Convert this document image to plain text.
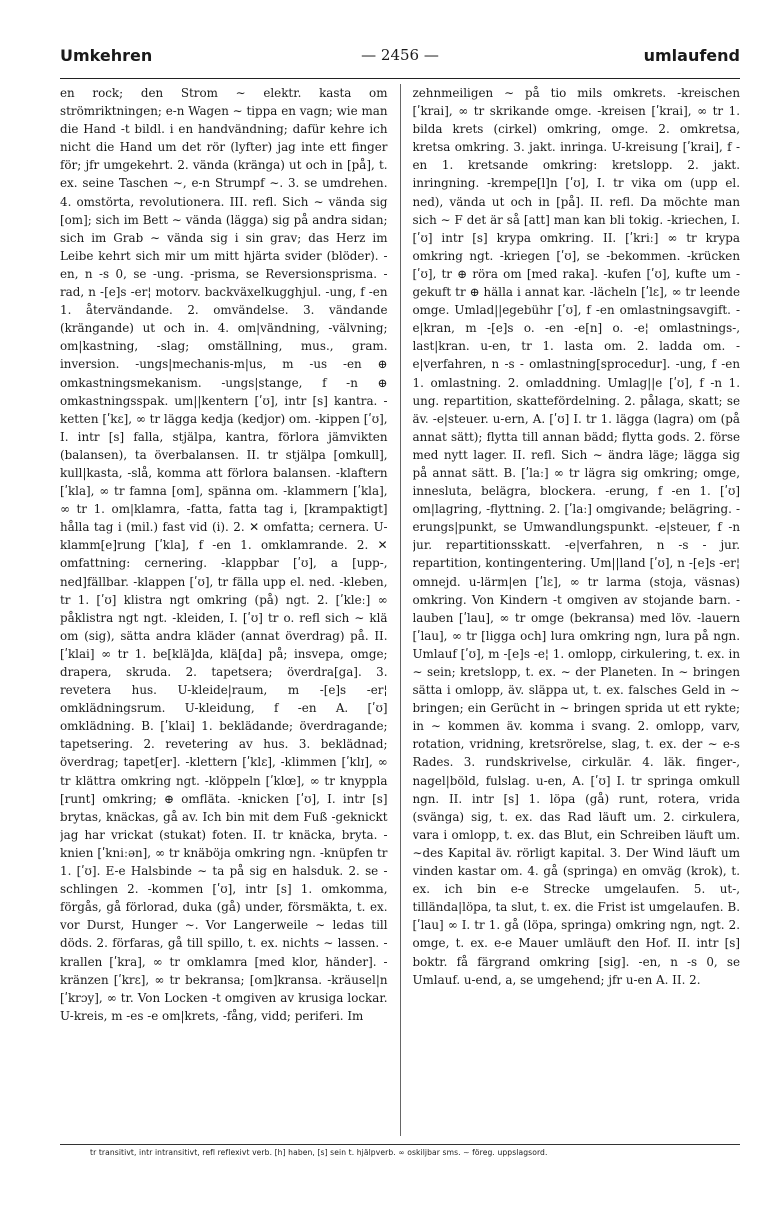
Umkehren	— 2456 —	umlaufend

en rock; den Strom ∼ elektr. kasta om strömriktningen; e-n Wagen ∼ tippa en vagn; wie man die Hand -t bildl. i en handvändning; dafür kehre ich nicht die Hand um det rör (lyfter) jag inte ett finger för; jfr umgekehrt. 2. vända (kränga) ut och in [på], t. ex. seine Taschen ∼, e-n Strumpf ∼. 3. se umdrehen. 4. omstörta, revolutionera. III. refl. Sich ∼ vända sig [om]; sich im Bett ∼ vända (lägga) sig på andra sidan; sich im Grab ∼ vända sig i sin grav; das Herz im Leibe kehrt sich mir um mitt hjärta svider (blöder). -en, n -s 0, se -ung. -prisma, se Reversionsprisma. -rad, n -[e]s -er¦ motorv. backväxelkugghjul. -ung, f -en 1. återvändande. 2. omvändelse. 3. vändande (krängande) ut och in. 4. om|vändning, -välvning; om|kastning, -slag; omställning, mus., gram. inversion. -ungs|mechanis-m|us, m -us -en ⊕ omkastningsmekanism. -ungs|stange, f -n ⊕ omkastningsspak. um||kentern [ʹʊ], intr [s] kantra. -ketten [ʹkɛ], ∞ tr lägga kedja (kedjor) om. -kippen [ʹʊ], I. intr [s] falla, stjälpa, kantra, förlora jämvikten (balansen), ta överbalansen. II. tr stjälpa [omkull], kull|kasta, -slå, komma att förlora balansen. -klaftern [ʹkla], ∞ tr famna [om], spänna om. -klammern [ʹkla], ∞ tr 1. om|klamra, -fatta, fatta tag i, [krampaktigt] hålla tag i (mil.) fast vid (i). 2. ✕ omfatta; cernera. U-klamm[e]rung [ʹkla], f -en 1. omklamrande. 2. ✕ omfattning: cernering. -klappbar [ʹʊ], a [upp-, ned]fällbar. -klappen [ʹʊ], tr fälla upp el. ned. -kleben, tr 1. [ʹʊ] klistra ngt omkring (på) ngt. 2. [ʹkleː] ∞ påklistra ngt ngt. -kleiden, I. [ʹʊ] tr o. refl sich ∼ klä om (sig), sätta andra kläder (annat överdrag) på. II. [ʹklai] ∞ tr 1. be[klä]da, klä[da] på; insvepa, omge; drapera, skruda. 2. tapetsera; överdra[ga]. 3. revetera hus. U-kleide|raum, m -[e]s -er¦ omklädningsrum. U-kleidung, f -en A. [ʹʊ] omklädning. B. [ʹklai] 1. beklädande; överdragande; tapetsering. 2. revetering av hus. 3. beklädnad; överdrag; tapet[er]. -klettern [ʹklɛ], -klimmen [ʹklɪ], ∞ tr klättra omkring ngt. -klöppeln [ʹklœ], ∞ tr knyppla [runt] omkring; ⊕ omfläta. -knicken [ʹʊ], I. intr [s] brytas, knäckas, gå av. Ich bin mit dem Fuß -geknickt jag har vrickat (stukat) foten. II. tr knäcka, bryta. -knien [ʹkniːən], ∞ tr knäböja omkring ngn. -knüpfen tr 1. [ʹʊ]. E-e Halsbinde ∼ ta på sig en halsduk. 2. se -schlingen 2. -kommen [ʹʊ], intr [s] 1. omkomma, förgås, gå förlorad, duka (gå) under, försmäkta, t. ex. vor Durst, Hunger ∼. Vor Langerweile ∼ ledas till döds. 2. förfaras, gå till spillo, t. ex. nichts ∼ lassen. -krallen [ʹkra], ∞ tr omklamra [med klor, händer]. -kränzen [ʹkrɛ], ∞ tr bekransa; [om]kransa. -kräusel|n [ʹkrɔy], ∞ tr. Von Locken -t omgiven av krusiga lockar. U-kreis, m -es -e om|krets, -fång, vidd; periferi. Im

zehnmeiligen ∼ på tio mils omkrets. -kreischen [ʹkrai], ∞ tr skrikande omge. -kreisen [ʹkrai], ∞ tr 1. bilda krets (cirkel) omkring, omge. 2. omkretsa, kretsa omkring. 3. jakt. inringa. U-kreisung [ʹkrai], f -en 1. kretsande omkring: kretslopp. 2. jakt. inringning. -krempe[l]n [ʹʊ], I. tr vika om (upp el. ned), vända ut och in [på]. II. refl. Da möchte man sich ∼ F det är så [att] man kan bli tokig. -kriechen, I. [ʹʊ] intr [s] krypa omkring. II. [ʹkriː] ∞ tr krypa omkring ngt. -kriegen [ʹʊ], se -bekommen. -krücken [ʹʊ], tr ⊕ röra om [med raka]. -kufen [ʹʊ], kufte um -gekuft tr ⊕ hälla i annat kar. -lächeln [ʹlɛ], ∞ tr leende omge. Umlad||egebühr [ʹʊ], f -en omlastningsavgift. -e|kran, m -[e]s o. -en -e[n] o. -e¦ omlastnings-, last|kran. u-en, tr 1. lasta om. 2. ladda om. -e|verfahren, n -s - omlastning[sprocedur]. -ung, f -en 1. omlastning. 2. omladdning. Umlag||e [ʹʊ], f -n 1. ung. repartition, skattefördelning. 2. pålaga, skatt; se äv. -e|steuer. u-ern, A. [ʹʊ] I. tr 1. lägga (lagra) om (på annat sätt); flytta till annan bädd; flytta gods. 2. förse med nytt lager. II. refl. Sich ∼ ändra läge; lägga sig på annat sätt. B. [ʹlaː] ∞ tr lägra sig omkring; omge, inneslutа, belägra, blockera. -erung, f -en 1. [ʹʊ] om|lagring, -flyttning. 2. [ʹlaː] omgivande; belägring. -erungs|punkt, se Umwandlungspunkt. -e|steuer, f -n jur. repartitionsskatt. -e|verfahren, n -s - jur. repartition, kontingentering. Um||land [ʹʊ], n -[e]s -er¦ omnejd. u-lärm|en [ʹlɛ], ∞ tr larma (stoja, väsnas) omkring. Von Kindern -t omgiven av stojande barn. -lauben [ʹlau], ∞ tr omge (bekransa) med löv. -lauern [ʹlau], ∞ tr [ligga och] lura omkring ngn, lura på ngn. Umlauf [ʹʊ], m -[e]s -e¦ 1. omlopp, cirkulering, t. ex. in ∼ sein; kretslopp, t. ex. ∼ der Planeten. In ∼ bringen sätta i omlopp, äv. släppa ut, t. ex. falsches Geld in ∼ bringen; ein Gerücht in ∼ bringen sprida ut ett rykte; in ∼ kommen äv. komma i svang. 2. omlopp, varv, rotation, vridning, kretsrörelse, slag, t. ex. der ∼ e-s Rades. 3. rundskrivelse, cirkulär. 4. läk. finger-, nagel|böld, fulslag. u-en, A. [ʹʊ] I. tr springa omkull ngn. II. intr [s] 1. löpa (gå) runt, rotera, vrida (svänga) sig, t. ex. das Rad läuft um. 2. cirkulera, vara i omlopp, t. ex. das Blut, ein Schreiben läuft um. ∼des Kapital äv. rörligt kapital. 3. Der Wind läuft um vinden kastar om. 4. gå (springa) en omväg (krok), t. ex. ich bin e-e Strecke umgelaufen. 5. ut-, tillända|löpa, ta slut, t. ex. die Frist ist umgelaufen. B. [ʹlau] ∞ I. tr 1. gå (löpa, springa) omkring ngn, ngt. 2. omge, t. ex. e-e Mauer umläuft den Hof. II. intr [s] boktr. få färgrand omkring [sig]. -en, n -s 0, se Umlauf. u-end, a, se umgehend; jfr u-en A. II. 2.

tr transitivt, intr intransitivt, refl reflexivt verb. [h] haben, [s] sein t. hjälpverb. ∞ oskiljbar sms. ∼ föreg. uppslagsord.
